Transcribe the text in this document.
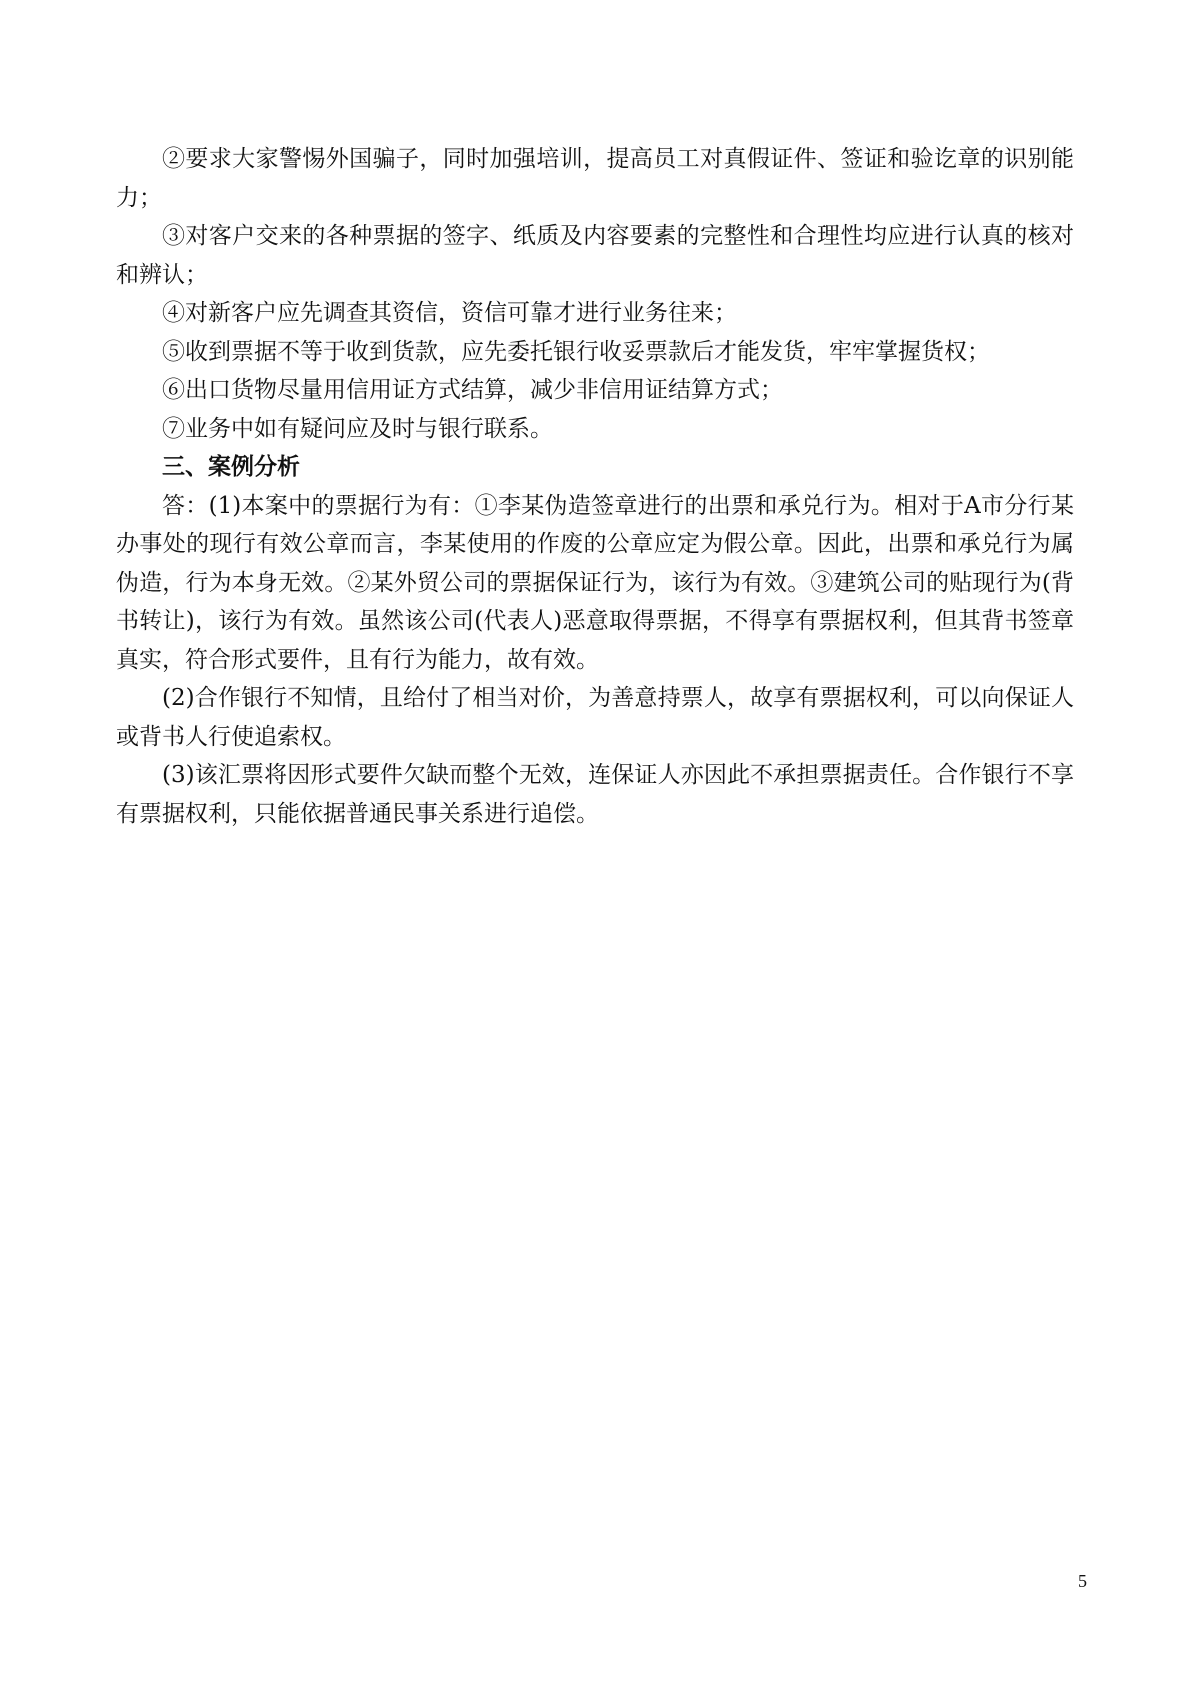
②要求大家警惕外国骗子，同时加强培训，提高员工对真假证件、签证和验讫章的识别能力；

③对客户交来的各种票据的签字、纸质及内容要素的完整性和合理性均应进行认真的核对和辨认；

④对新客户应先调查其资信，资信可靠才进行业务往来；

⑤收到票据不等于收到货款，应先委托银行收妥票款后才能发货，牢牢掌握货权；

⑥出口货物尽量用信用证方式结算，减少非信用证结算方式；

⑦业务中如有疑问应及时与银行联系。

三、案例分析

答：(1)本案中的票据行为有：①李某伪造签章进行的出票和承兑行为。相对于A市分行某办事处的现行有效公章而言，李某使用的作废的公章应定为假公章。因此，出票和承兑行为属伪造，行为本身无效。②某外贸公司的票据保证行为，该行为有效。③建筑公司的贴现行为(背书转让)，该行为有效。虽然该公司(代表人)恶意取得票据，不得享有票据权利，但其背书签章真实，符合形式要件，且有行为能力，故有效。

(2)合作银行不知情，且给付了相当对价，为善意持票人，故享有票据权利，可以向保证人或背书人行使追索权。

(3)该汇票将因形式要件欠缺而整个无效，连保证人亦因此不承担票据责任。合作银行不享有票据权利，只能依据普通民事关系进行追偿。

5
